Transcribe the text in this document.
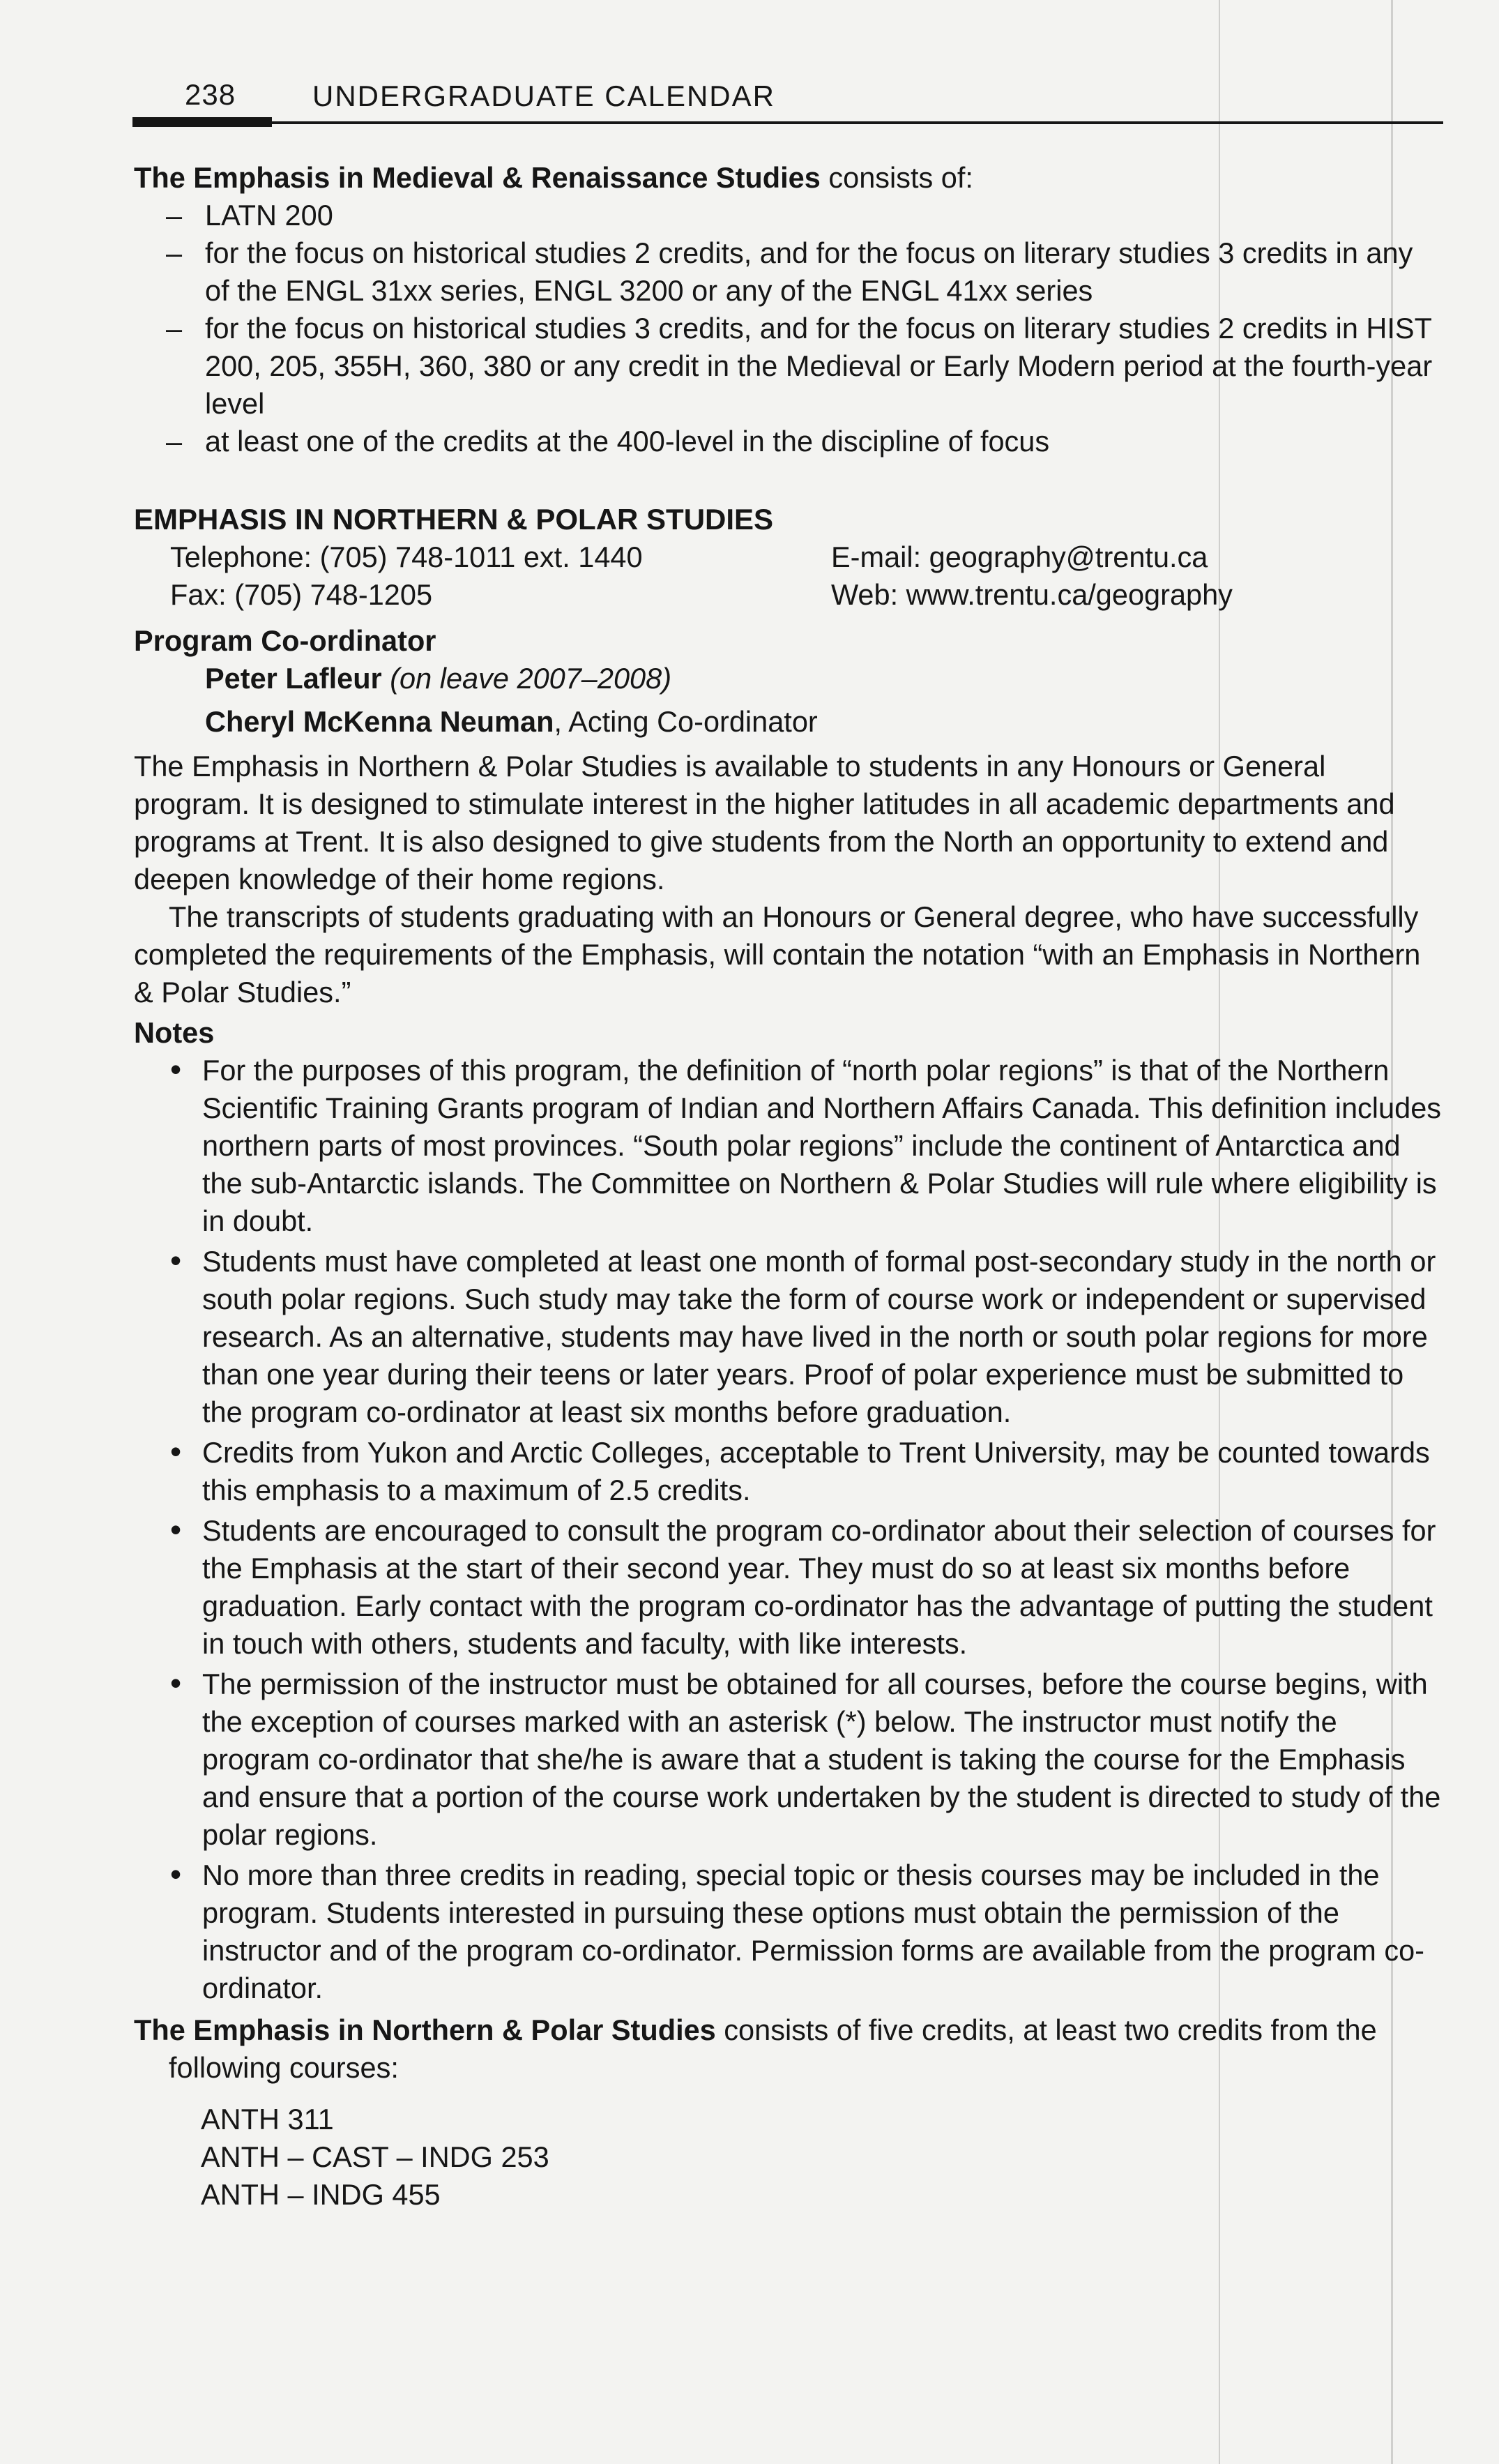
238	UNDERGRADUATE CALENDAR

The Emphasis in Medieval & Renaissance Studies consists of:

– LATN 200
– for the focus on historical studies 2 credits, and for the focus on literary studies 3 credits in any of the ENGL 31xx series, ENGL 3200 or any of the ENGL 41xx series
– for the focus on historical studies 3 credits, and for the focus on literary studies 2 credits in HIST 200, 205, 355H, 360, 380 or any credit in the Medieval or Early Modern period at the fourth-year level
– at least one of the credits at the 400-level in the discipline of focus

EMPHASIS IN NORTHERN & POLAR STUDIES

Telephone: (705) 748-1011 ext. 1440

Fax: (705) 748-1205

E-mail: geography@trentu.ca

Web: www.trentu.ca/geography

Program Co-ordinator

Peter Lafleur (on leave 2007–2008)

Cheryl McKenna Neuman, Acting Co-ordinator

The Emphasis in Northern & Polar Studies is available to students in any Honours or General program. It is designed to stimulate interest in the higher latitudes in all academic departments and programs at Trent. It is also designed to give students from the North an opportunity to extend and deepen knowledge of their home regions.

The transcripts of students graduating with an Honours or General degree, who have successfully completed the requirements of the Emphasis, will contain the notation “with an Emphasis in Northern & Polar Studies.”

Notes

• For the purposes of this program, the definition of “north polar regions” is that of the Northern Scientific Training Grants program of Indian and Northern Affairs Canada. This definition includes northern parts of most provinces. “South polar regions” include the continent of Antarctica and the sub-Antarctic islands. The Committee on Northern & Polar Studies will rule where eligibility is in doubt.
• Students must have completed at least one month of formal post-secondary study in the north or south polar regions. Such study may take the form of course work or independent or supervised research. As an alternative, students may have lived in the north or south polar regions for more than one year during their teens or later years. Proof of polar experience must be submitted to the program co-ordinator at least six months before graduation.
• Credits from Yukon and Arctic Colleges, acceptable to Trent University, may be counted towards this emphasis to a maximum of 2.5 credits.
• Students are encouraged to consult the program co-ordinator about their selection of courses for the Emphasis at the start of their second year. They must do so at least six months before graduation. Early contact with the program co-ordinator has the advantage of putting the student in touch with others, students and faculty, with like interests.
• The permission of the instructor must be obtained for all courses, before the course begins, with the exception of courses marked with an asterisk (*) below. The instructor must notify the program co-ordinator that she/he is aware that a student is taking the course for the Emphasis and ensure that a portion of the course work undertaken by the student is directed to study of the polar regions.
• No more than three credits in reading, special topic or thesis courses may be included in the program. Students interested in pursuing these options must obtain the permission of the instructor and of the program co-ordinator. Permission forms are available from the program co-ordinator.

The Emphasis in Northern & Polar Studies consists of five credits, at least two credits from the

following courses:

ANTH 311
ANTH – CAST – INDG 253
ANTH – INDG 455
